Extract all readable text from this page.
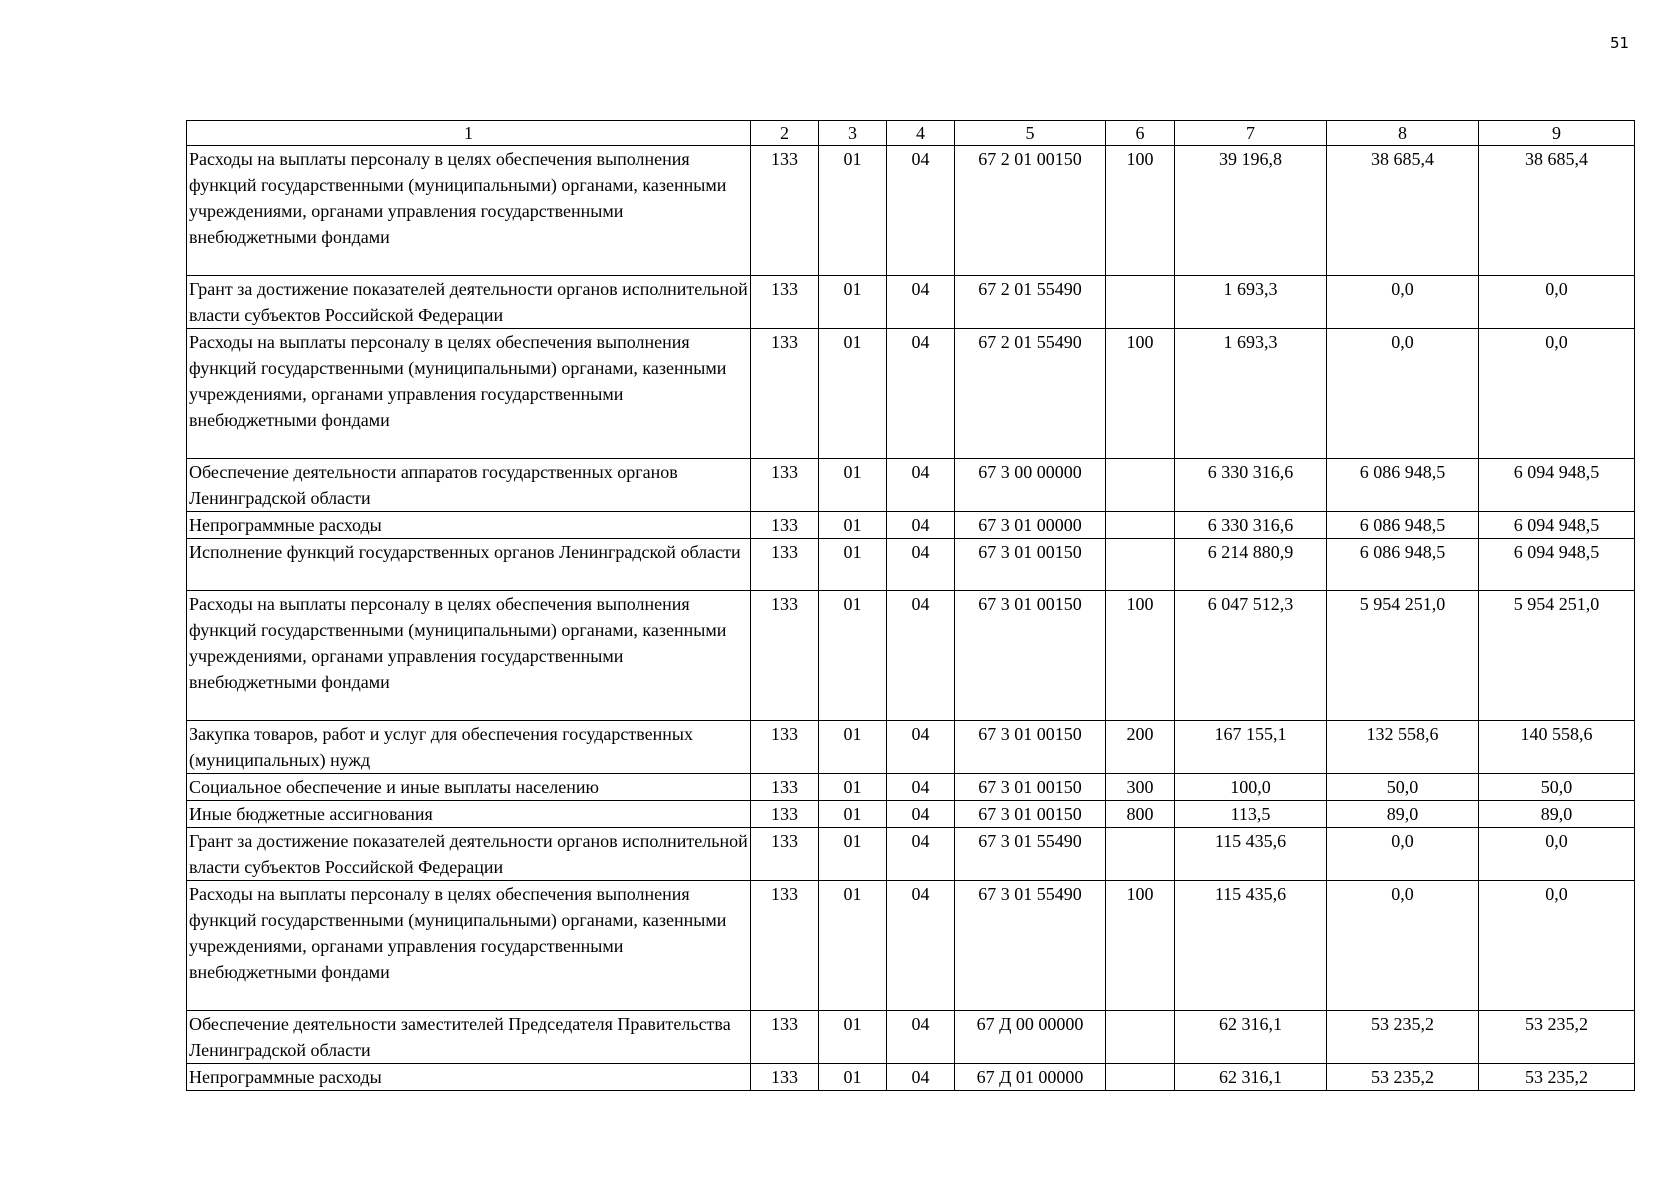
51
1	2	3	4	5	6	7	8	9
Расходы на выплаты персоналу в целях обеспечения выполнения функций государственными (муниципальными) органами, казенными учреждениями, органами управления государственными внебюджетными фондами	133	01	04	67 2 01 00150	100	39 196,8	38 685,4	38 685,4
Грант за достижение показателей деятельности органов исполнительной власти субъектов Российской Федерации	133	01	04	67 2 01 55490		1 693,3	0,0	0,0
Расходы на выплаты персоналу в целях обеспечения выполнения функций государственными (муниципальными) органами, казенными учреждениями, органами управления государственными внебюджетными фондами	133	01	04	67 2 01 55490	100	1 693,3	0,0	0,0
Обеспечение деятельности аппаратов государственных органов Ленинградской области	133	01	04	67 3 00 00000		6 330 316,6	6 086 948,5	6 094 948,5
Непрограммные расходы	133	01	04	67 3 01 00000		6 330 316,6	6 086 948,5	6 094 948,5
Исполнение функций государственных органов Ленинградской области	133	01	04	67 3 01 00150		6 214 880,9	6 086 948,5	6 094 948,5
Расходы на выплаты персоналу в целях обеспечения выполнения функций государственными (муниципальными) органами, казенными учреждениями, органами управления государственными внебюджетными фондами	133	01	04	67 3 01 00150	100	6 047 512,3	5 954 251,0	5 954 251,0
Закупка товаров, работ и услуг для обеспечения государственных (муниципальных) нужд	133	01	04	67 3 01 00150	200	167 155,1	132 558,6	140 558,6
Социальное обеспечение и иные выплаты населению	133	01	04	67 3 01 00150	300	100,0	50,0	50,0
Иные бюджетные ассигнования	133	01	04	67 3 01 00150	800	113,5	89,0	89,0
Грант за достижение показателей деятельности органов исполнительной власти субъектов Российской Федерации	133	01	04	67 3 01 55490		115 435,6	0,0	0,0
Расходы на выплаты персоналу в целях обеспечения выполнения функций государственными (муниципальными) органами, казенными учреждениями, органами управления государственными внебюджетными фондами	133	01	04	67 3 01 55490	100	115 435,6	0,0	0,0
Обеспечение деятельности заместителей Председателя Правительства Ленинградской области	133	01	04	67 Д 00 00000		62 316,1	53 235,2	53 235,2
Непрограммные расходы	133	01	04	67 Д 01 00000		62 316,1	53 235,2	53 235,2
